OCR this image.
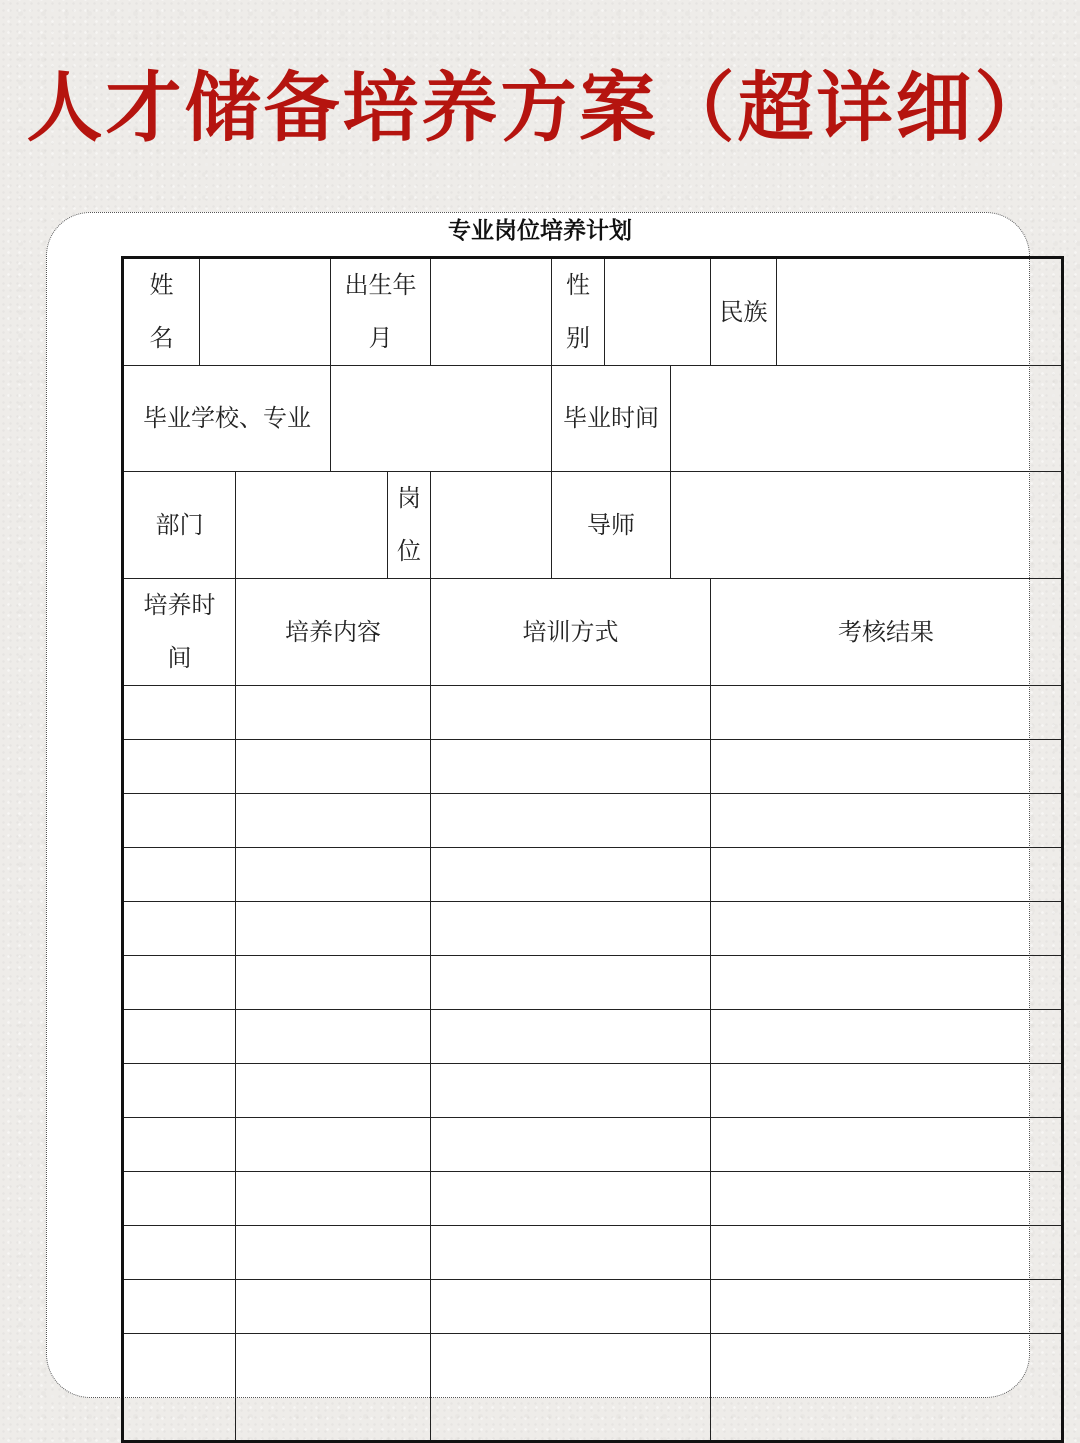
人才储备培养方案（超详细）
专业岗位培养计划
姓名			出生年月			性别			民族	
毕业学校、专业						毕业时间				
部门				岗位		导师				
培养时间		培养内容			培训方式				考核结果	
